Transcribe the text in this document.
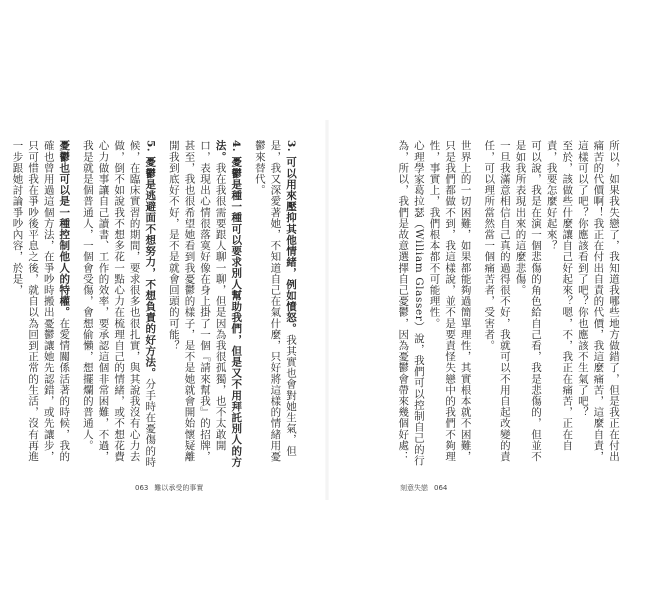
3. 可以用來壓抑其他情緒，例如憤怒。我其實也會對她生氣，但是，我又深愛著她，不知道自己在氣什麼，只好將這樣的情緒用憂鬱來替代。

4. 憂鬱是種一種可以要求別人幫助我們，但是又不用拜託別人的方法。我在我很需要跟人聊一聊，但是因為我很孤獨，也不太敢開口，表現出心情很落寞好像在身上掛了一個『請來幫我』的招牌，甚至，我也很希望她看到我憂鬱的樣子，是不是她就會開始懷疑離開我到底好不好，是不是就會回頭的可能？

5. 憂鬱是逃避面不想努力，不想負責的好方法。分手時在憂傷的時候，在臨床實習的期間，要求很多也很扎實，與其說我沒有心力去做，倒不如說我不想多花一點心力在梳理自己的情緒，或不想花費心力做事讓自己讀書、工作的效率，要承認這個非常困難，不過，我是就是個普通人，一個會受傷，會想偷懶，想擺爛的普通人。

憂鬱也可以是一種控制他人的特權。在愛情關係活著的時候，我的確也曾用過這個方法，在爭吵時搬出憂鬱讓她先認錯，或先讓步，只可惜我在爭吵後平息之後，就自以為回到正常的生活，沒有再進一步跟她討論爭吵內容，於是，

063 難以承受的事實

所以，如果我失戀了，我知道我哪些地方做錯了，但是我正在付出痛苦的代價啊！我正在付出自責的代價，我這麼痛苦，這麼自責，這樣可以了吧？你應該看到了吧？你也應該不生氣了吧？

至於，該做些什麼讓自己好起來？嗯，不，我正在痛苦，正在自責，我要怎麼好起來？

可以說，我是在演一個悲傷的角色給自己看，我是悲傷的，但並不是如我所表現出來的這麼悲傷。

一旦我滿意相信自己真的過得很不好，我就可以不用自起改變的責任，可以理所當然當一個痛苦者，受害者。

世界上的一切困難，如果都能夠過簡單理性，其實根本就不困難，只是我們都做不到，我這樣說，並不是要責怪失戀中的我們不夠理性，事實上，我們根本都不可能理性。

心理學家葛拉瑟（William Glasser）說，我們可以控制自己的行為，所以，我們是故意選擇自己憂鬱，因為憂鬱會帶來幾個好處：

刻意失戀 064
